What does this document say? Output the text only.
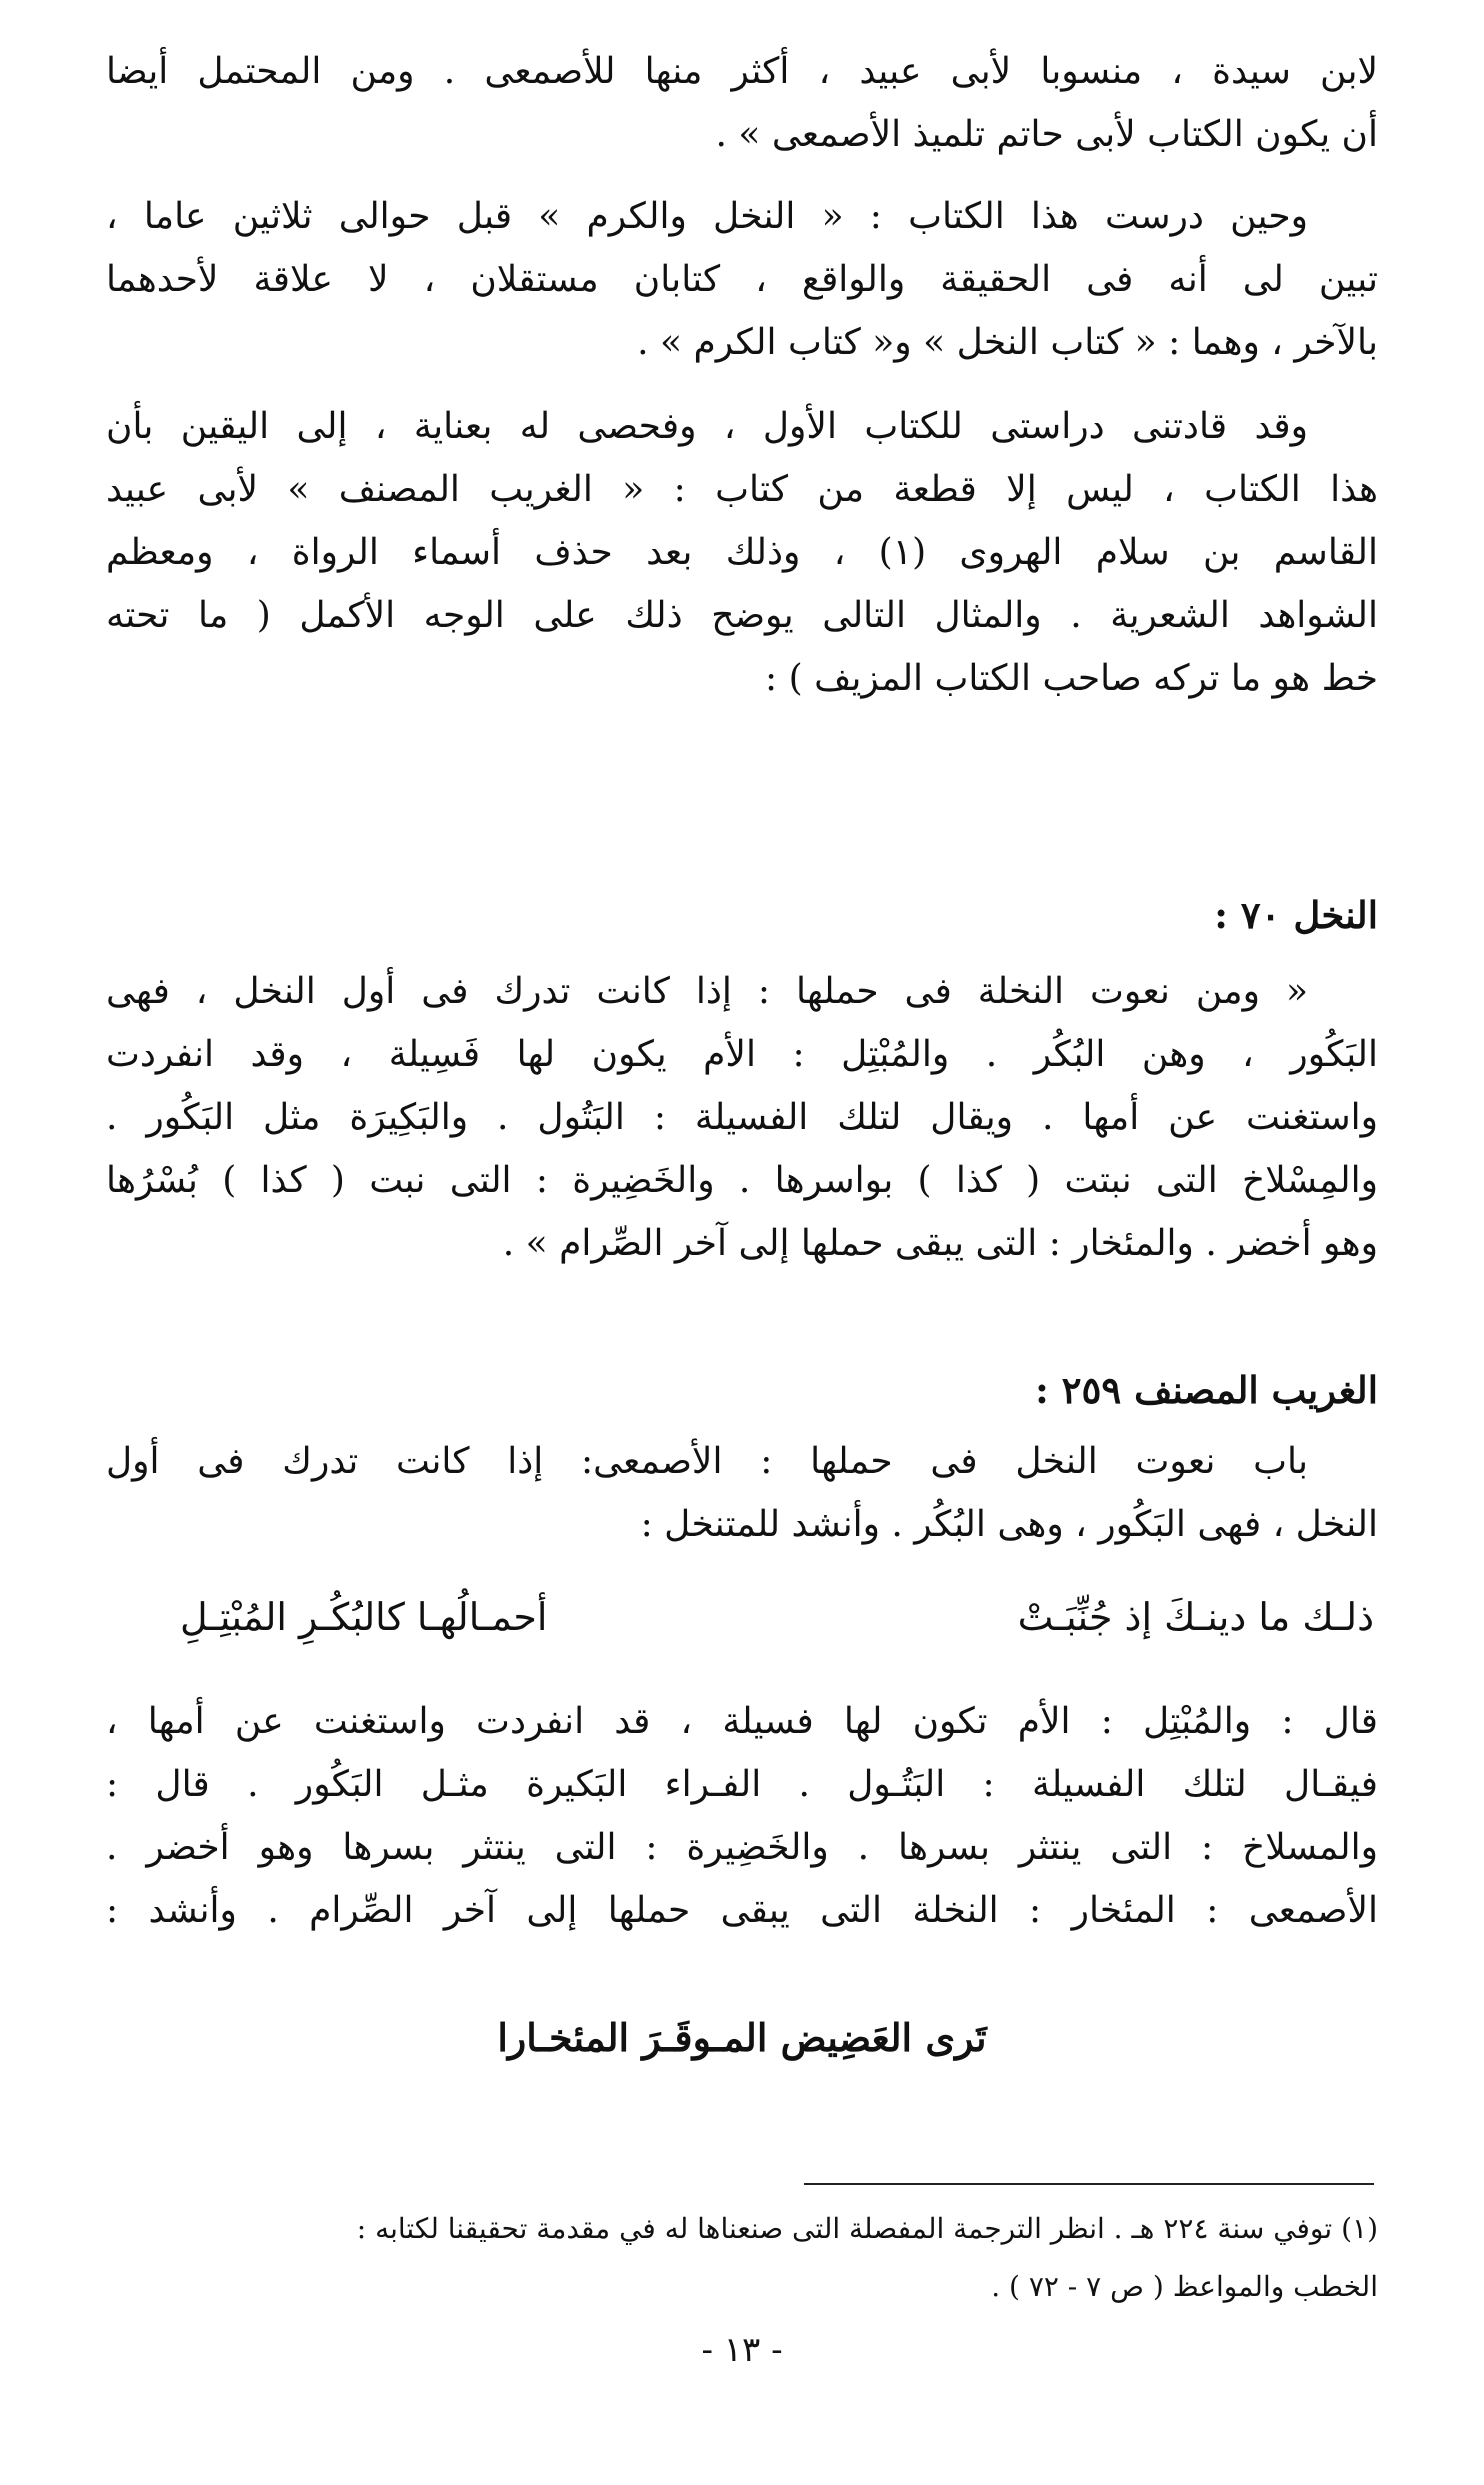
لابن سيدة ، منسوبا لأبى عبيد ، أكثر منها للأصمعى . ومن المحتمل أيضا
أن يكون الكتاب لأبى حاتم تلميذ الأصمعى » .
وحين درست هذا الكتاب : « النخل والكرم » قبل حوالى ثلاثين عاما ،
تبين لى أنه فى الحقيقة والواقع ، كتابان مستقلان ، لا علاقة لأحدهما
بالآخر ، وهما : « كتاب النخل » و« كتاب الكرم » .
وقد قادتنى دراستى للكتاب الأول ، وفحصى له بعناية ، إلى اليقين بأن
هذا الكتاب ، ليس إلا قطعة من كتاب : « الغريب المصنف » لأبى عبيد
القاسم بن سلام الهروى (١) ، وذلك بعد حذف أسماء الرواة ، ومعظم
الشواهد الشعرية . والمثال التالى يوضح ذلك على الوجه الأكمل ( ما تحته
خط هو ما تركه صاحب الكتاب المزيف ) :
النخل ٧٠ :
« ومن نعوت النخلة فى حملها : إذا كانت تدرك فى أول النخل ، فهى
البَكُور ، وهن البُكُر . والمُبْتِل : الأم يكون لها فَسِيلة ، وقد انفردت
واستغنت عن أمها . ويقال لتلك الفسيلة : البَتُول . والبَكِيرَة مثل البَكُور .
والمِسْلاخ التى نبتت ( كذا ) بواسرها . والخَضِيرة : التى نبت ( كذا ) بُسْرُها
وهو أخضر . والمئخار : التى يبقى حملها إلى آخر الصِّرام » .
الغريب المصنف ٢٥٩ :
باب نعوت النخل فى حملها : الأصمعى: إذا كانت تدرك فى أول
النخل ، فهى البَكُور ، وهى البُكُر . وأنشد للمتنخل :
ذلـك ما دينـكَ إذ جُنِّبَـتْ
أحمـالُهـا كالبُكُـرِ المُبْتِـلِ
قال : والمُبْتِل : الأم تكون لها فسيلة ، قد انفردت واستغنت عن أمها ،
فيقـال لتلك الفسيلة : البَتُـول . الفـراء البَكيرة مثـل البَكُور . قال :
والمسلاخ : التى ينتثر بسرها . والخَضِيرة : التى ينتثر بسرها وهو أخضر .
الأصمعى : المئخار : النخلة التى يبقى حملها إلى آخر الصِّرام . وأنشد :
تَرى العَضِيض المـوقَـرَ المئخـارا
(١) توفي سنة ٢٢٤ هـ . انظر الترجمة المفصلة التى صنعناها له في مقدمة تحقيقنا لكتابه :
الخطب والمواعظ ( ص ٧ - ٧٢ ) .
- ١٣ -
